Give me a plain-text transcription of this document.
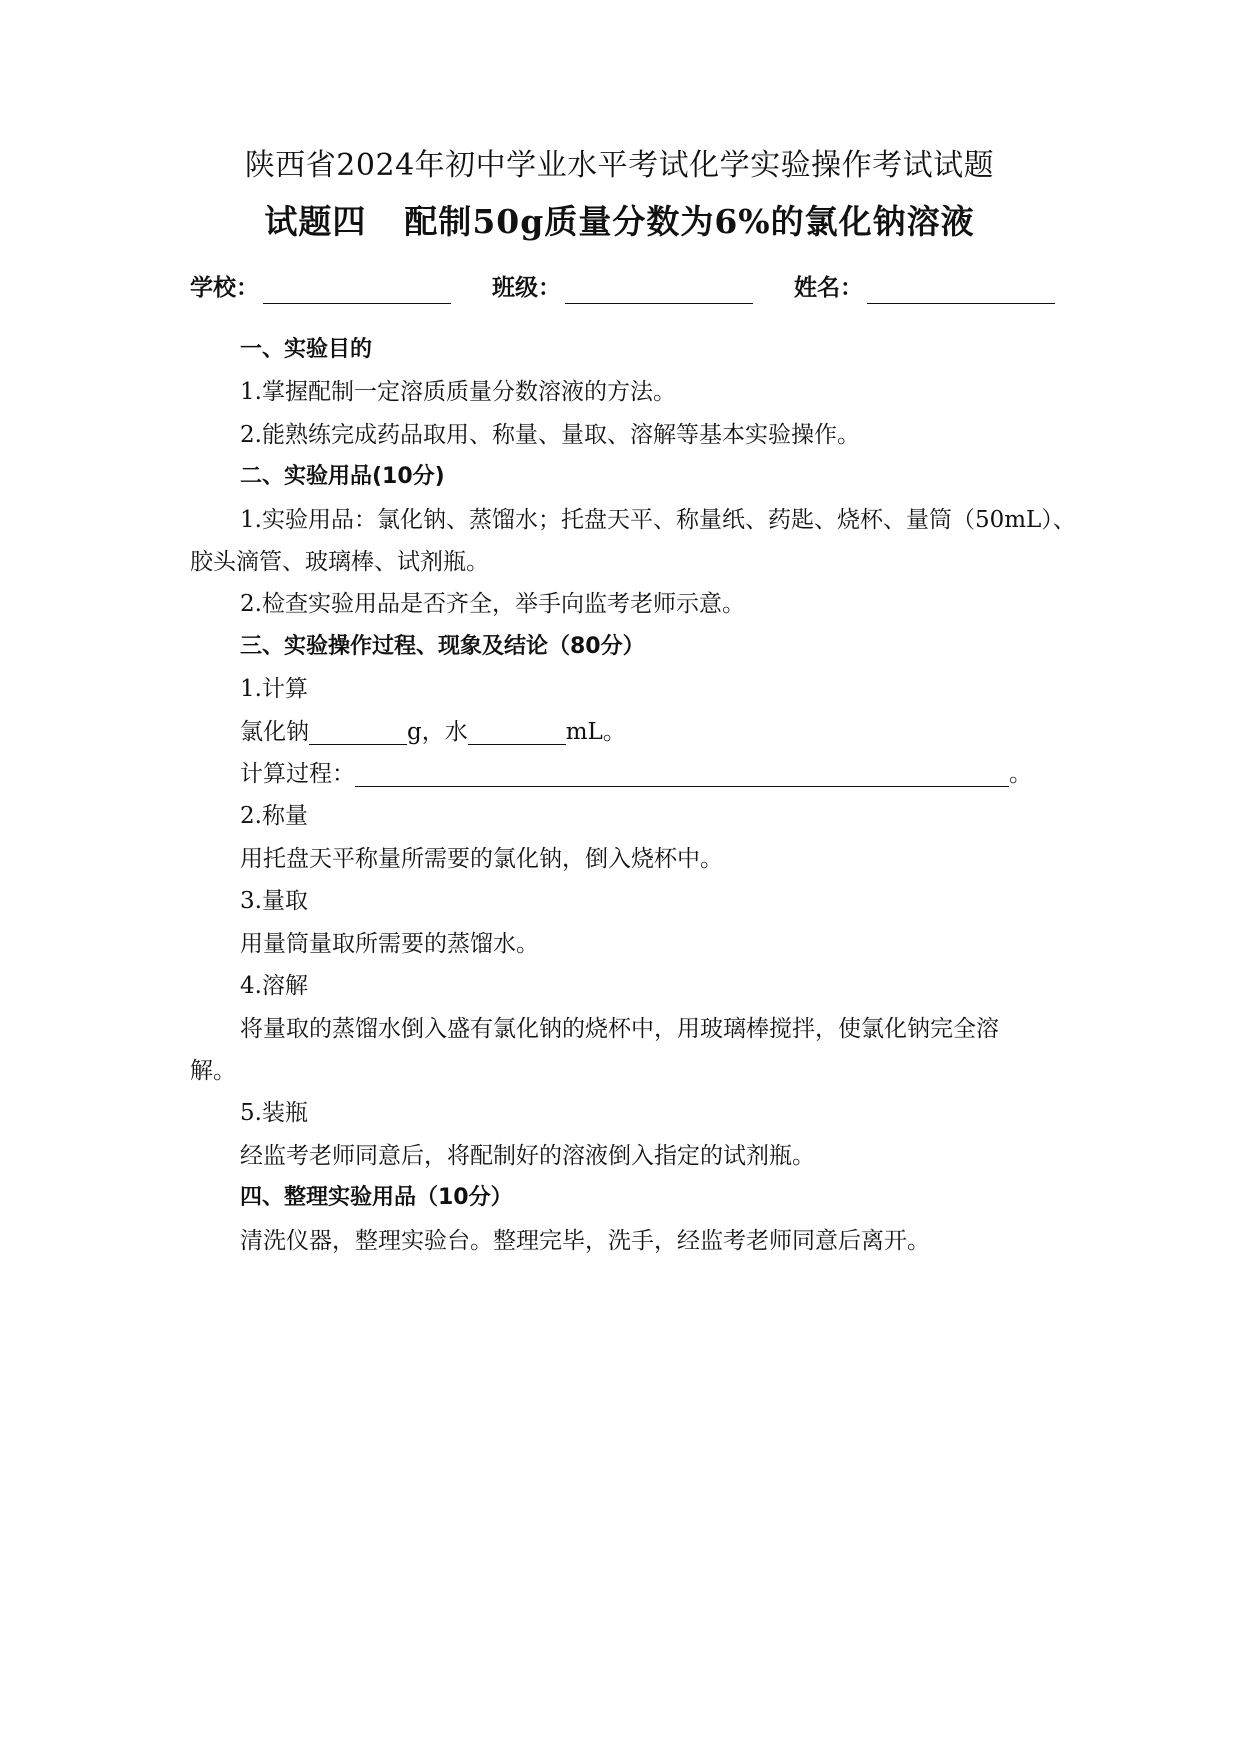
陕西省2024年初中学业水平考试化学实验操作考试试题
试题四 配制50g质量分数为6%的氯化钠溶液
学校：	班级：	姓名：
一、实验目的
1.掌握配制一定溶质质量分数溶液的方法。
2.能熟练完成药品取用、称量、量取、溶解等基本实验操作。
二、实验用品(10分)
1.实验用品：氯化钠、蒸馏水；托盘天平、称量纸、药匙、烧杯、量筒（50mL）、
胶头滴管、玻璃棒、试剂瓶。
2.检查实验用品是否齐全，举手向监考老师示意。
三、实验操作过程、现象及结论（80分）
1.计算
氯化钠	g，水	mL。
计算过程：	。
2.称量
用托盘天平称量所需要的氯化钠，倒入烧杯中。
3.量取
用量筒量取所需要的蒸馏水。
4.溶解
将量取的蒸馏水倒入盛有氯化钠的烧杯中，用玻璃棒搅拌，使氯化钠完全溶
解。
5.装瓶
经监考老师同意后，将配制好的溶液倒入指定的试剂瓶。
四、整理实验用品（10分）
清洗仪器，整理实验台。整理完毕，洗手，经监考老师同意后离开。
